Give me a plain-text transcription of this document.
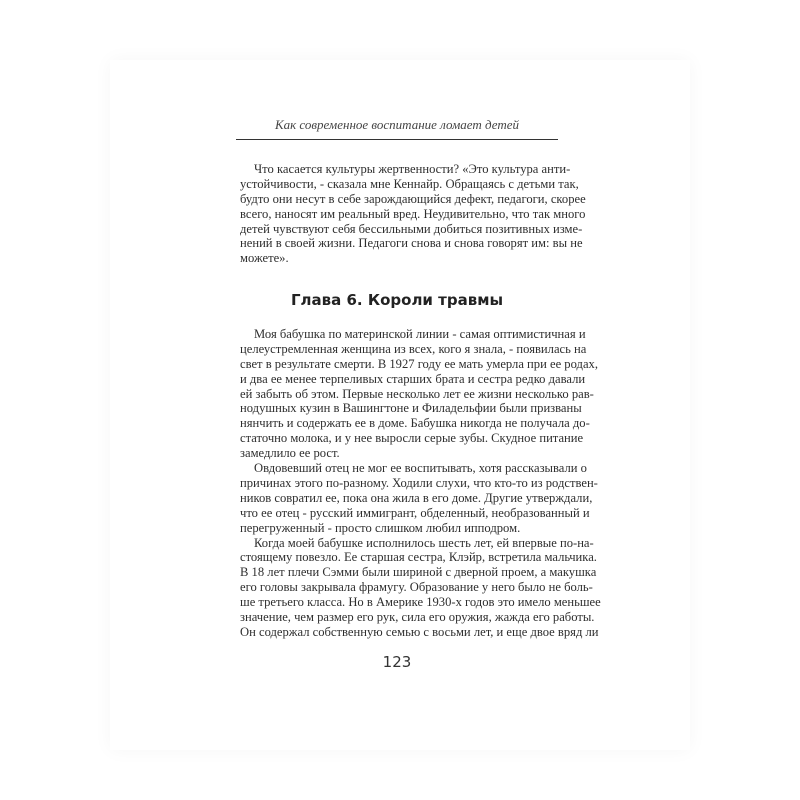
Как современное воспитание ломает детей
Что касается культуры жертвенности? «Это культура анти-
устойчивости, - сказала мне Кеннайр. Обращаясь с детьми так,
будто они несут в себе зарождающийся дефект, педагоги, скорее
всего, наносят им реальный вред. Неудивительно, что так много
детей чувствуют себя бессильными добиться позитивных изме-
нений в своей жизни. Педагоги снова и снова говорят им: вы не
можете».
Глава 6. Короли травмы
Моя бабушка по материнской линии - самая оптимистичная и
целеустремленная женщина из всех, кого я знала, - появилась на
свет в результате смерти. В 1927 году ее мать умерла при ее родах,
и два ее менее терпеливых старших брата и сестра редко давали
ей забыть об этом. Первые несколько лет ее жизни несколько рав-
нодушных кузин в Вашингтоне и Филадельфии были призваны
нянчить и содержать ее в доме. Бабушка никогда не получала до-
статочно молока, и у нее выросли серые зубы. Скудное питание
замедлило ее рост.
Овдовевший отец не мог ее воспитывать, хотя рассказывали о
причинах этого по-разному. Ходили слухи, что кто-то из родствен-
ников совратил ее, пока она жила в его доме. Другие утверждали,
что ее отец - русский иммигрант, обделенный, необразованный и
перегруженный - просто слишком любил ипподром.
Когда моей бабушке исполнилось шесть лет, ей впервые по-на-
стоящему повезло. Ее старшая сестра, Клэйр, встретила мальчика.
В 18 лет плечи Сэмми были шириной с дверной проем, а макушка
его головы закрывала фрамугу. Образование у него было не боль-
ше третьего класса. Но в Америке 1930-х годов это имело меньшее
значение, чем размер его рук, сила его оружия, жажда его работы.
Он содержал собственную семью с восьми лет, и еще двое вряд ли
123
